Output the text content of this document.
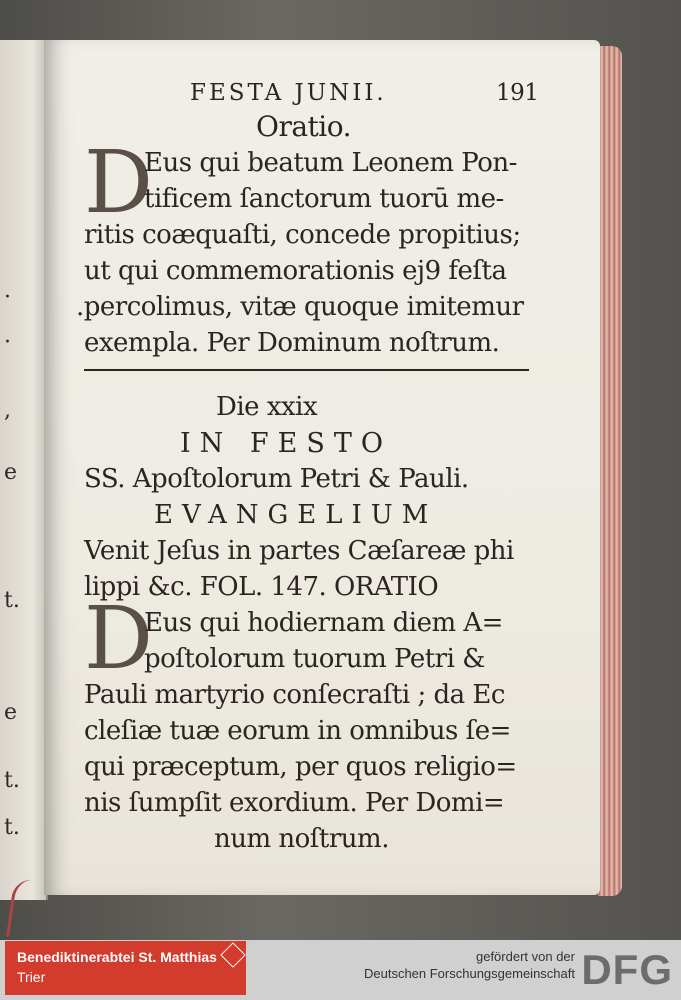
·
·
,
e
t.
e
t.
t.
FESTA JUNII.	191
Oratio.
D
Eus qui beatum Leonem Pon-
tificem ſanctorum tuorū me-
ritis coæquaſti, concede propitius;
ut qui commemorationis ej9 feſta
.percolimus, vitæ quoque imitemur
exempla. Per Dominum noſtrum.
Die xxix
IN FESTO
SS. Apoſtolorum Petri & Pauli.
EVANGELIUM
Venit Jeſus in partes Cæſareæ phi
lippi &c. FOL. 147. ORATIO
D
Eus qui hodiernam diem A=
poſtolorum tuorum Petri &
Pauli martyrio conſecraſti ; da Ec
cleſiæ tuæ eorum in omnibus ſe=
qui præceptum, per quos religio=
nis ſumpſit exordium. Per Domi=
num noſtrum.
Benediktinerabtei St. Matthias
Trier
gefördert von der
Deutschen Forschungsgemeinschaft DFG
